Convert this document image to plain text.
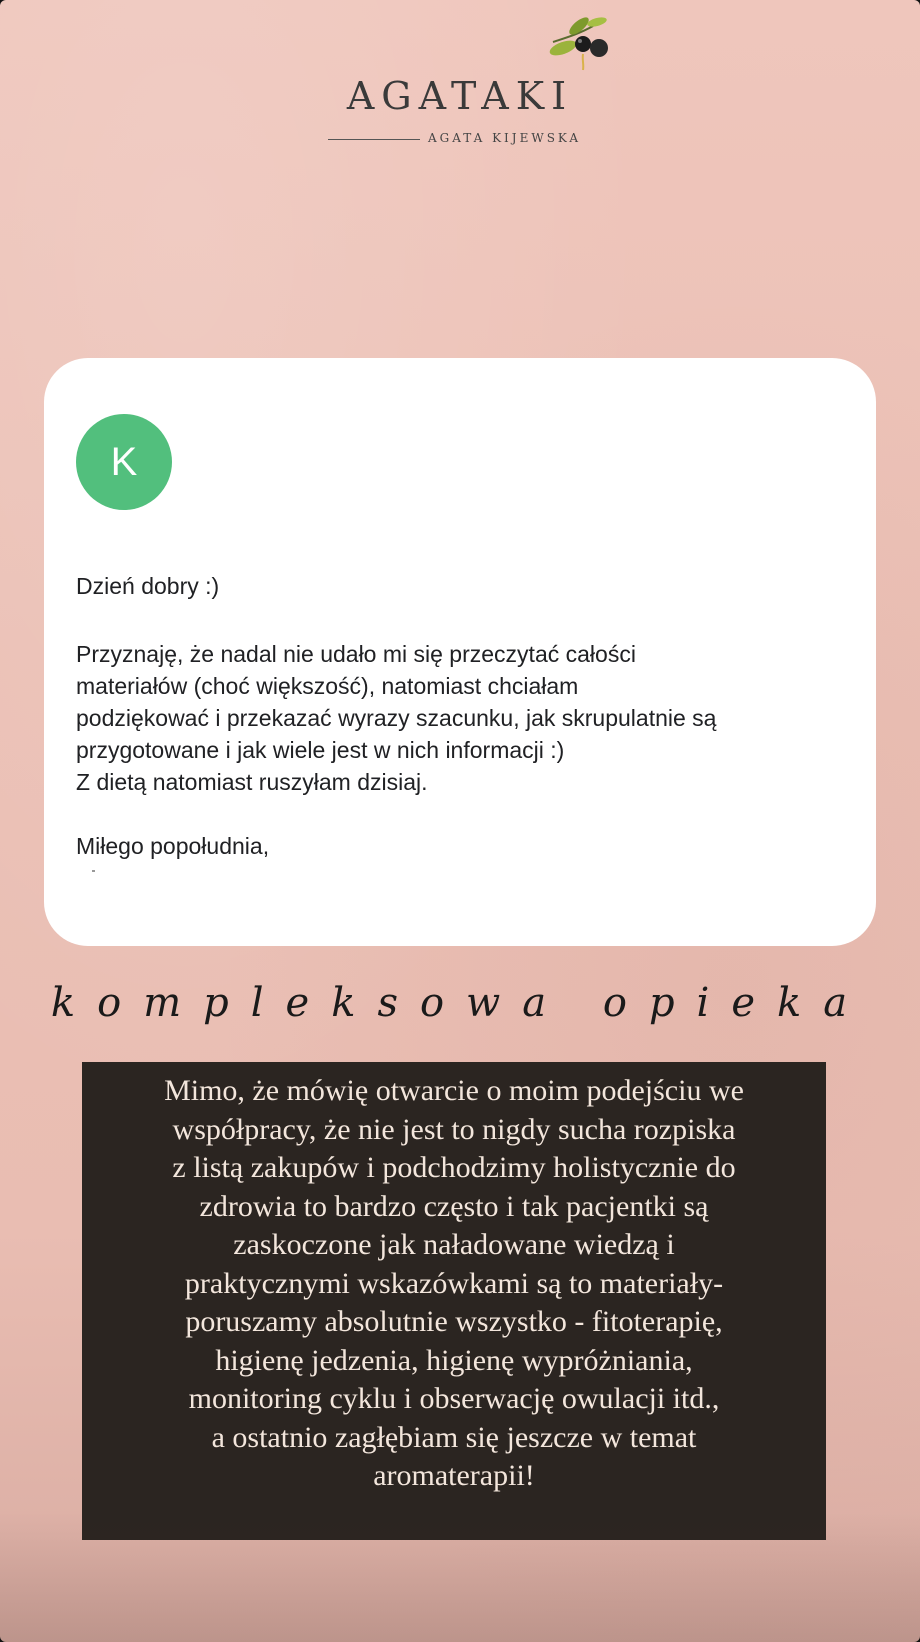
AGATAKI
AGATA KIJEWSKA
K
Dzień dobry :)
Przyznaję, że nadal nie udało mi się przeczytać całości
materiałów (choć większość), natomiast chciałam
podziękować i przekazać wyrazy szacunku, jak skrupulatnie są
przygotowane i jak wiele jest w nich informacji :)
Z dietą natomiast ruszyłam dzisiaj.
Miłego popołudnia,
kompleksowa opieka

Mimo, że mówię otwarcie o moim podejściu we
współpracy, że nie jest to nigdy sucha rozpiska
z listą zakupów i podchodzimy holistycznie do
zdrowia to bardzo często i tak pacjentki są
zaskoczone jak naładowane wiedzą i
praktycznymi wskazówkami są to materiały-
poruszamy absolutnie wszystko - fitoterapię,
higienę jedzenia, higienę wypróżniania,
monitoring cyklu i obserwację owulacji itd.,
a ostatnio zagłębiam się jeszcze w temat
aromaterapii!
